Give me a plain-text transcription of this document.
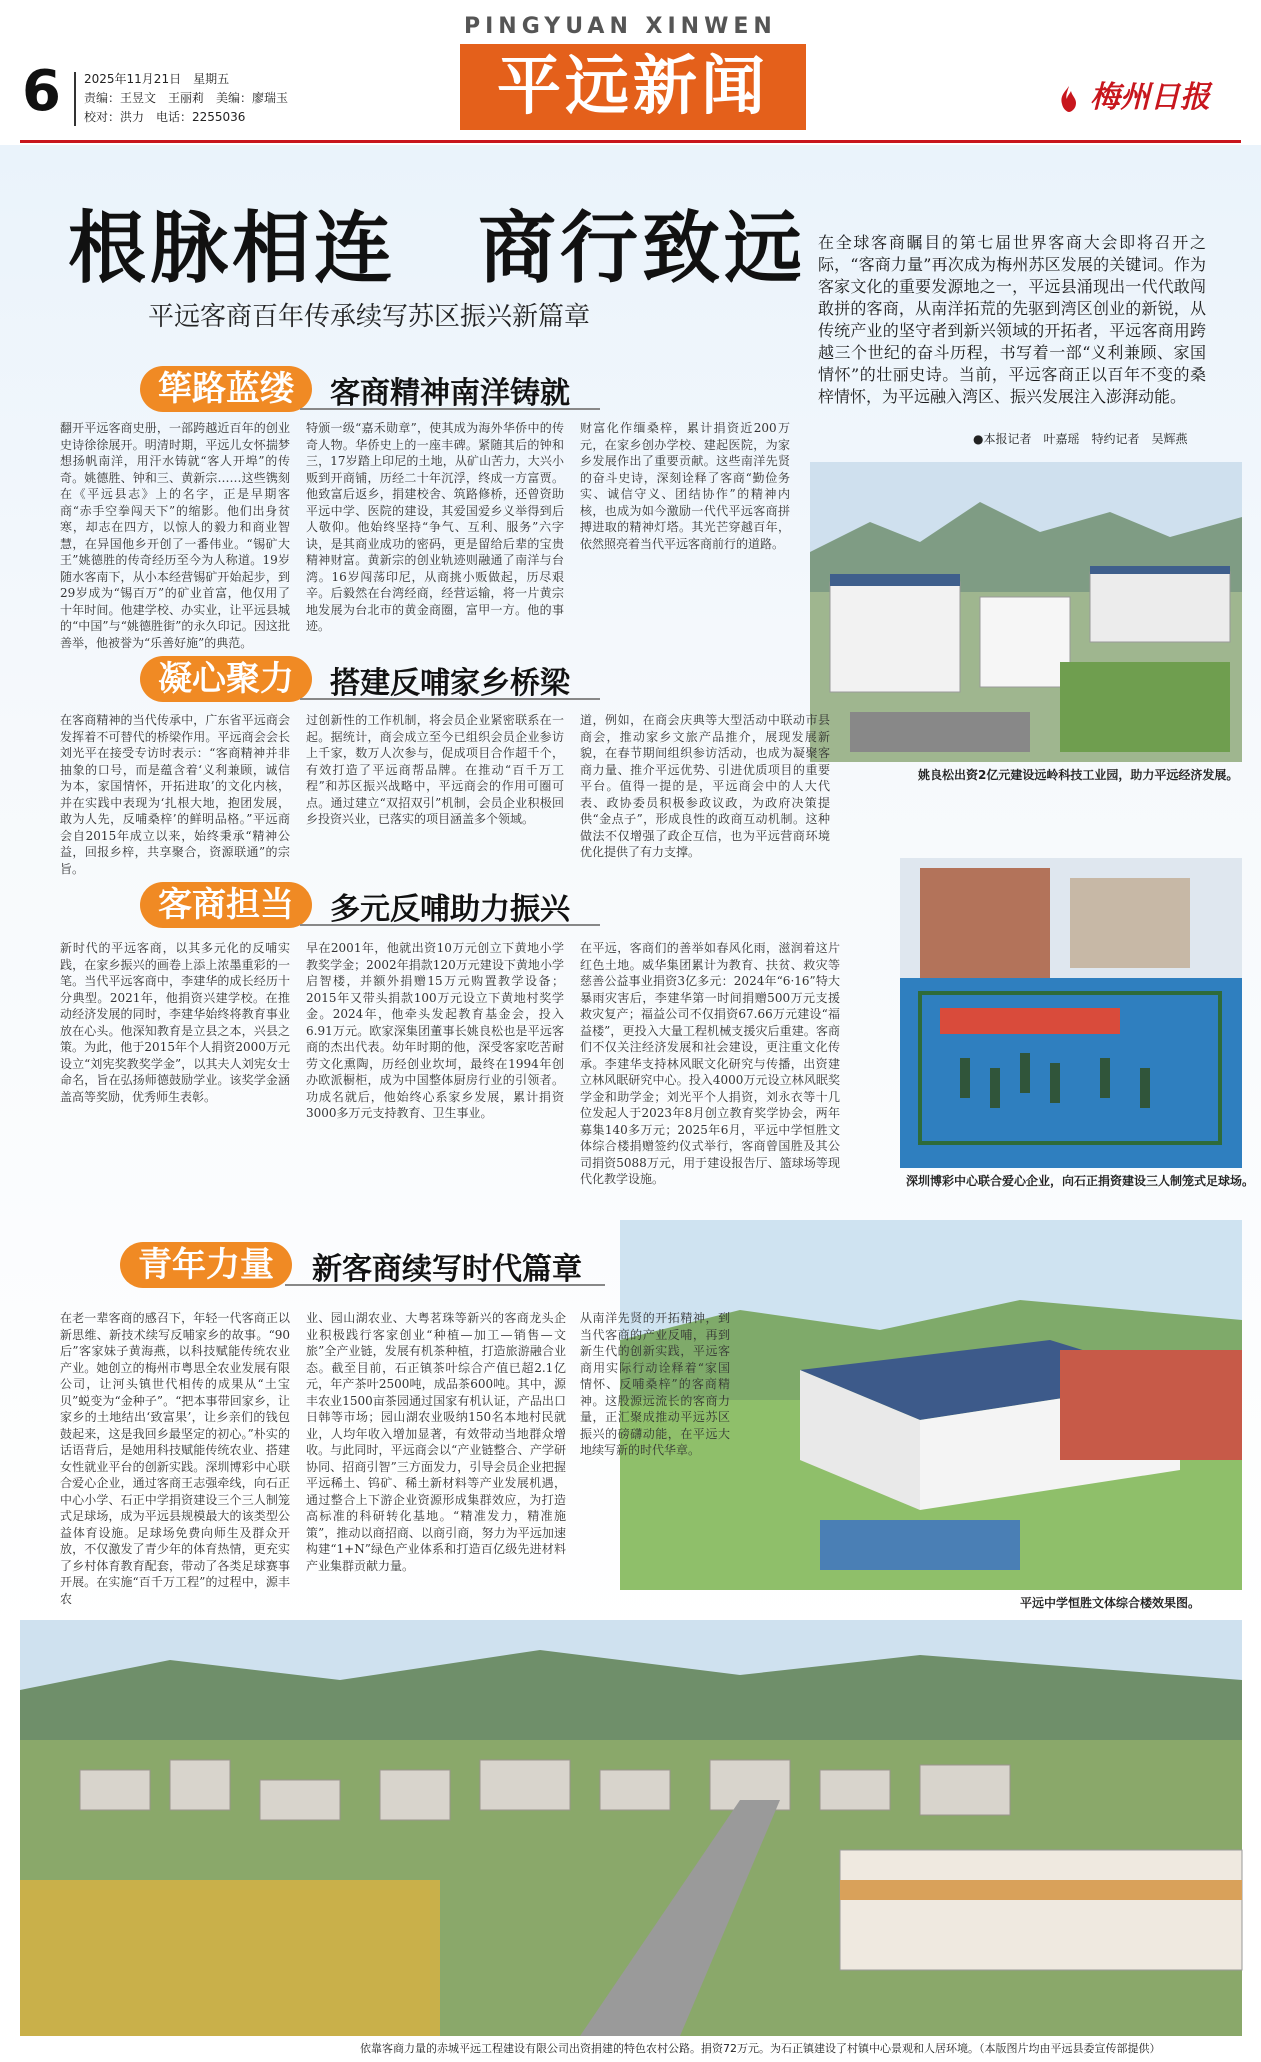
6 2025年11月21日　星期五
责编：王昱文　王丽莉　美编：廖瑞玉
校对：洪力　电话：2255036
PINGYUAN XINWEN
平远新闻	梅州日报
根脉相连　商行致远
平远客商百年传承续写苏区振兴新篇章
在全球客商瞩目的第七届世界客商大会即将召开之际，“客商力量”再次成为梅州苏区发展的关键词。作为客家文化的重要发源地之一，平远县涌现出一代代敢闯敢拼的客商，从南洋拓荒的先驱到湾区创业的新锐，从传统产业的坚守者到新兴领域的开拓者，平远客商用跨越三个世纪的奋斗历程，书写着一部“义利兼顾、家国情怀”的壮丽史诗。当前，平远客商正以百年不变的桑梓情怀，为平远融入湾区、振兴发展注入澎湃动能。
●本报记者　叶嘉瑶　特约记者　吴辉燕
姚良松出资2亿元建设远岭科技工业园，助力平远经济发展。
深圳博彩中心联合爱心企业，向石正捐资建设三人制笼式足球场。
平远中学恒胜文体综合楼效果图。
筚路蓝缕	客商精神南洋铸就
翻开平远客商史册，一部跨越近百年的创业史诗徐徐展开。明清时期，平远儿女怀揣梦想扬帆南洋，用汗水铸就“客人开埠”的传奇。姚德胜、钟和三、黄新宗……这些镌刻在《平远县志》上的名字，正是早期客商“赤手空拳闯天下”的缩影。他们出身贫寒，却志在四方，以惊人的毅力和商业智慧，在异国他乡开创了一番伟业。“锡矿大王”姚德胜的传奇经历至今为人称道。19岁随水客南下，从小本经营锡矿开始起步，到29岁成为“锡百万”的矿业首富，他仅用了十年时间。他建学校、办实业，让平远县城的“中国”与“姚德胜街”的永久印记。因这批善举，他被誉为“乐善好施”的典范。
特颁一级“嘉禾勋章”，使其成为海外华侨中的传奇人物。华侨史上的一座丰碑。紧随其后的钟和三，17岁踏上印尼的土地，从矿山苦力，大兴小贩到开商铺，历经二十年沉浮，终成一方富贾。他致富后返乡，捐建校舍、筑路修桥，还曾资助平远中学、医院的建设，其爱国爱乡义举得到后人敬仰。他始终坚持“争气、互利、服务”六字诀，是其商业成功的密码，更是留给后辈的宝贵精神财富。黄新宗的创业轨迹则融通了南洋与台湾。16岁闯荡印尼，从商挑小贩做起，历尽艰辛。后毅然在台湾经商，经营运输，将一片黄宗地发展为台北市的黄金商圈，富甲一方。他的事迹。
财富化作缅桑梓，累计捐资近200万元，在家乡创办学校、建起医院，为家乡发展作出了重要贡献。这些南洋先贤的奋斗史诗，深刻诠释了客商“勤俭务实、诚信守义、团结协作”的精神内核，也成为如今激励一代代平远客商拼搏进取的精神灯塔。其光芒穿越百年，依然照亮着当代平远客商前行的道路。
凝心聚力	搭建反哺家乡桥梁
在客商精神的当代传承中，广东省平远商会发挥着不可替代的桥梁作用。平远商会会长刘光平在接受专访时表示：“客商精神并非抽象的口号，而是蕴含着‘义利兼顾，诚信为本，家国情怀，开拓进取’的文化内核，并在实践中表现为‘扎根大地，抱团发展，敢为人先，反哺桑梓’的鲜明品格。”平远商会自2015年成立以来，始终秉承“精神公益，回报乡梓，共享聚合，资源联通”的宗旨。
过创新性的工作机制，将会员企业紧密联系在一起。据统计，商会成立至今已组织会员企业参访上千家，数万人次参与，促成项目合作超千个，有效打造了平远商帮品牌。在推动“百千万工程”和苏区振兴战略中，平远商会的作用可圈可点。通过建立“双招双引”机制，会员企业积极回乡投资兴业，已落实的项目涵盖多个领域。
道，例如，在商会庆典等大型活动中联动市县商会，推动家乡文旅产品推介，展现发展新貌，在春节期间组织参访活动，也成为凝聚客商力量、推介平远优势、引进优质项目的重要平台。值得一提的是，平远商会中的人大代表、政协委员积极参政议政，为政府决策提供“金点子”，形成良性的政商互动机制。这种做法不仅增强了政企互信，也为平远营商环境优化提供了有力支撑。
客商担当	多元反哺助力振兴
新时代的平远客商，以其多元化的反哺实践，在家乡振兴的画卷上添上浓墨重彩的一笔。当代平远客商中，李建华的成长经历十分典型。2021年，他捐资兴建学校。在推动经济发展的同时，李建华始终将教育事业放在心头。他深知教育是立县之本，兴县之策。为此，他于2015年个人捐资2000万元设立“刘宪奖教奖学金”，以其夫人刘宪女士命名，旨在弘扬师德鼓励学业。该奖学金涵盖高等奖励，优秀师生表彰。
早在2001年，他就出资10万元创立下黄地小学教奖学金；2002年捐款120万元建设下黄地小学启智楼，并额外捐赠15万元购置教学设备；2015年又带头捐款100万元设立下黄地村奖学金。2024年，他牵头发起教育基金会，投入6.91万元。欧家深集团董事长姚良松也是平远客商的杰出代表。幼年时期的他，深受客家吃苦耐劳文化熏陶，历经创业坎坷，最终在1994年创办欧派橱柜，成为中国整体厨房行业的引领者。功成名就后，他始终心系家乡发展，累计捐资3000多万元支持教育、卫生事业。
在平远，客商们的善举如春风化雨，滋润着这片红色土地。威华集团累计为教育、扶贫、救灾等慈善公益事业捐资3亿多元：2024年“6·16”特大暴雨灾害后，李建华第一时间捐赠500万元支援救灾复产；福益公司不仅捐资67.66万元建设“福益楼”，更投入大量工程机械支援灾后重建。客商们不仅关注经济发展和社会建设，更注重文化传承。李建华支持林风眠文化研究与传播，出资建立林风眠研究中心。投入4000万元设立林风眠奖学金和助学金；刘光平个人捐资，刘永衣等十几位发起人于2023年8月创立教育奖学协会，两年募集140多万元；2025年6月，平远中学恒胜文体综合楼捐赠签约仪式举行，客商曾国胜及其公司捐资5088万元，用于建设报告厅、篮球场等现代化教学设施。
青年力量	新客商续写时代篇章
在老一辈客商的感召下，年轻一代客商正以新思维、新技术续写反哺家乡的故事。“90后”客家妹子黄海燕，以科技赋能传统农业产业。她创立的梅州市粤思全农业发展有限公司，让河头镇世代相传的成果从“土宝贝”蜕变为“金种子”。“把本事带回家乡，让家乡的土地结出‘致富果’，让乡亲们的钱包鼓起来，这是我回乡最坚定的初心。”朴实的话语背后，是她用科技赋能传统农业、搭建女性就业平台的创新实践。深圳博彩中心联合爱心企业，通过客商王志强牵线，向石正中心小学、石正中学捐资建设三个三人制笼式足球场，成为平远县规模最大的该类型公益体育设施。足球场免费向师生及群众开放，不仅激发了青少年的体育热情，更充实了乡村体育教育配套，带动了各类足球赛事开展。在实施“百千万工程”的过程中，源丰农
业、园山湖农业、大粤茗珠等新兴的客商龙头企业积极践行客家创业“种植—加工—销售—文旅”全产业链，发展有机茶种植，打造旅游融合业态。截至目前，石正镇茶叶综合产值已超2.1亿元，年产茶叶2500吨，成品茶600吨。其中，源丰农业1500亩茶园通过国家有机认证，产品出口日韩等市场；园山湖农业吸纳150名本地村民就业，人均年收入增加显著，有效带动当地群众增收。与此同时，平远商会以“产业链整合、产学研协同、招商引智”三方面发力，引导会员企业把握平远稀土、钨矿、稀土新材料等产业发展机遇，通过整合上下游企业资源形成集群效应，为打造高标准的科研转化基地。“精准发力，精准施策”，推动以商招商、以商引商，努力为平远加速构建“1+N”绿色产业体系和打造百亿级先进材料产业集群贡献力量。
从南洋先贤的开拓精神，到当代客商的产业反哺，再到新生代的创新实践，平远客商用实际行动诠释着“家国情怀、反哺桑梓”的客商精神。这股源远流长的客商力量，正汇聚成推动平远苏区振兴的磅礴动能，在平远大地续写新的时代华章。
依靠客商力量的赤城平远工程建设有限公司出资捐建的特色农村公路。捐资72万元。为石正镇建设了村镇中心景观和人居环境。（本版图片均由平远县委宣传部提供）
